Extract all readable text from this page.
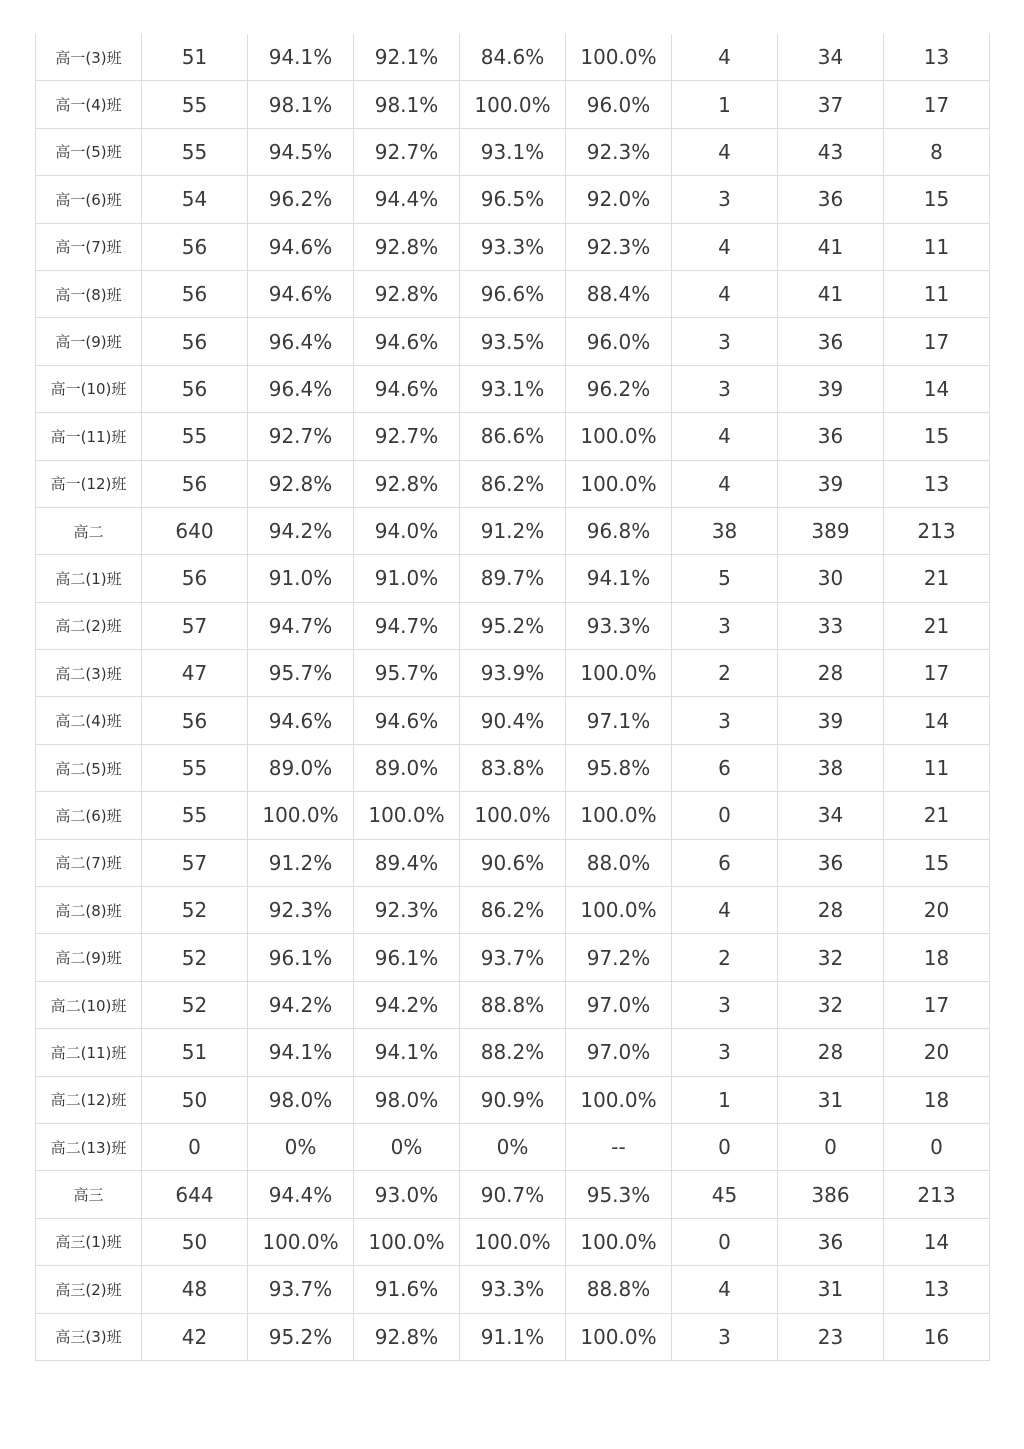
高一(3)班	51	94.1%	92.1%	84.6%	100.0%	4	34	13
高一(4)班	55	98.1%	98.1%	100.0%	96.0%	1	37	17
高一(5)班	55	94.5%	92.7%	93.1%	92.3%	4	43	8
高一(6)班	54	96.2%	94.4%	96.5%	92.0%	3	36	15
高一(7)班	56	94.6%	92.8%	93.3%	92.3%	4	41	11
高一(8)班	56	94.6%	92.8%	96.6%	88.4%	4	41	11
高一(9)班	56	96.4%	94.6%	93.5%	96.0%	3	36	17
高一(10)班	56	96.4%	94.6%	93.1%	96.2%	3	39	14
高一(11)班	55	92.7%	92.7%	86.6%	100.0%	4	36	15
高一(12)班	56	92.8%	92.8%	86.2%	100.0%	4	39	13
高二	640	94.2%	94.0%	91.2%	96.8%	38	389	213
高二(1)班	56	91.0%	91.0%	89.7%	94.1%	5	30	21
高二(2)班	57	94.7%	94.7%	95.2%	93.3%	3	33	21
高二(3)班	47	95.7%	95.7%	93.9%	100.0%	2	28	17
高二(4)班	56	94.6%	94.6%	90.4%	97.1%	3	39	14
高二(5)班	55	89.0%	89.0%	83.8%	95.8%	6	38	11
高二(6)班	55	100.0%	100.0%	100.0%	100.0%	0	34	21
高二(7)班	57	91.2%	89.4%	90.6%	88.0%	6	36	15
高二(8)班	52	92.3%	92.3%	86.2%	100.0%	4	28	20
高二(9)班	52	96.1%	96.1%	93.7%	97.2%	2	32	18
高二(10)班	52	94.2%	94.2%	88.8%	97.0%	3	32	17
高二(11)班	51	94.1%	94.1%	88.2%	97.0%	3	28	20
高二(12)班	50	98.0%	98.0%	90.9%	100.0%	1	31	18
高二(13)班	0	0%	0%	0%	--	0	0	0
高三	644	94.4%	93.0%	90.7%	95.3%	45	386	213
高三(1)班	50	100.0%	100.0%	100.0%	100.0%	0	36	14
高三(2)班	48	93.7%	91.6%	93.3%	88.8%	4	31	13
高三(3)班	42	95.2%	92.8%	91.1%	100.0%	3	23	16
